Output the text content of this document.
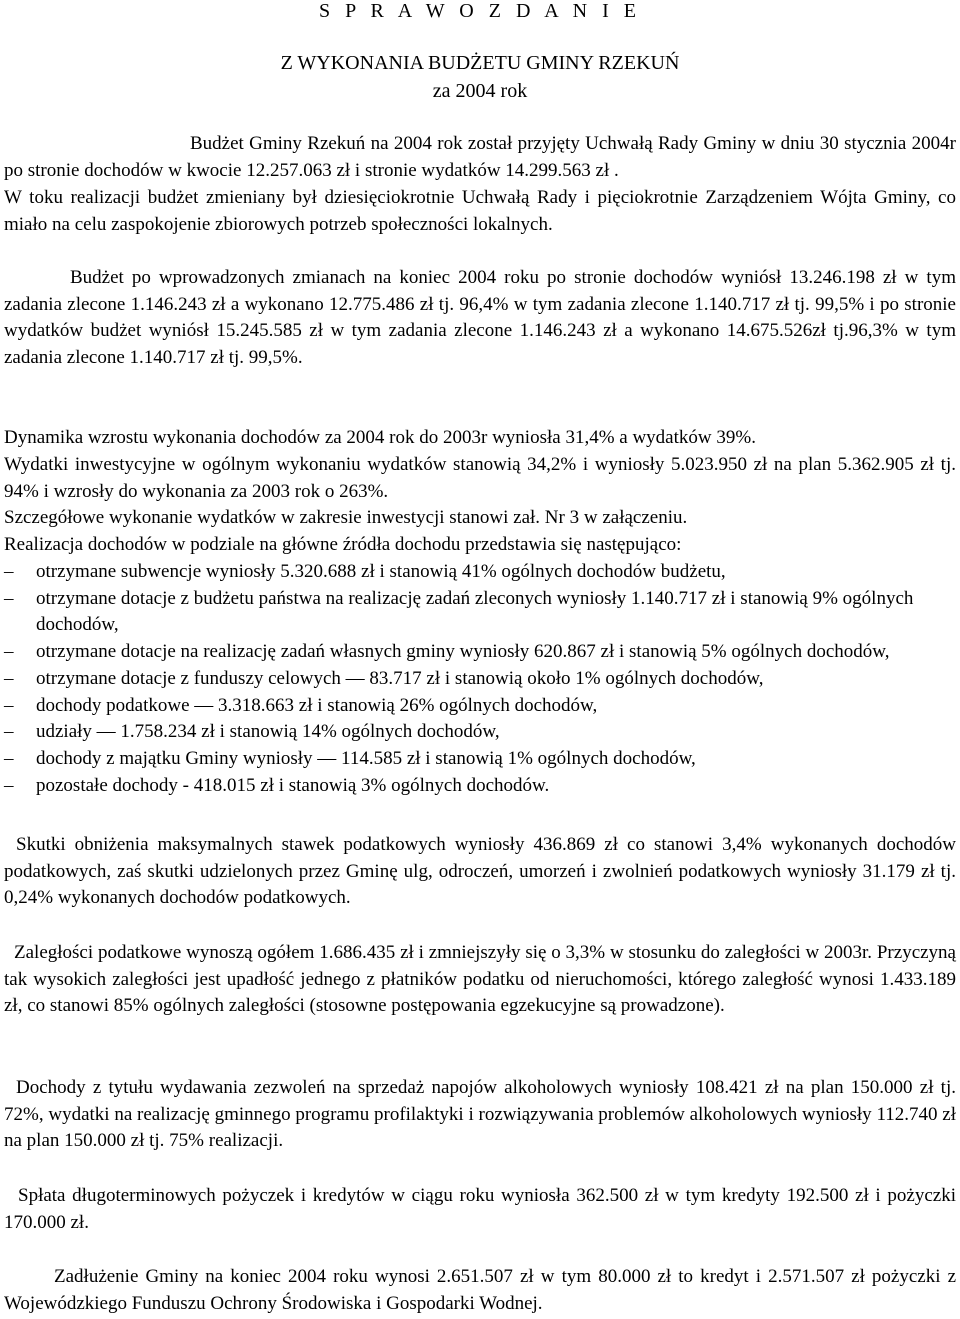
S P R A W O Z D A N I E

Z WYKONANIA BUDŻETU GMINY RZEKUŃ

za 2004 rok

Budżet Gminy Rzekuń na 2004 rok został przyjęty Uchwałą Rady Gminy w dniu 30 stycznia 2004r po stronie dochodów w kwocie 12.257.063 zł i stronie wydatków 14.299.563 zł .

W toku realizacji budżet zmieniany był dziesięciokrotnie Uchwałą Rady i pięciokrotnie Zarządzeniem Wójta Gminy, co miało na celu zaspokojenie zbiorowych potrzeb społeczności lokalnych.

Budżet po wprowadzonych zmianach na koniec 2004 roku po stronie dochodów wyniósł 13.246.198 zł w tym zadania zlecone 1.146.243 zł a wykonano 12.775.486 zł tj. 96,4% w tym zadania zlecone 1.140.717 zł tj. 99,5% i po stronie wydatków budżet wyniósł 15.245.585 zł w tym zadania zlecone 1.146.243 zł a wykonano 14.675.526zł tj.96,3% w tym zadania zlecone 1.140.717 zł tj. 99,5%.

Dynamika wzrostu wykonania dochodów za 2004 rok do 2003r wyniosła 31,4% a wydatków 39%.

Wydatki inwestycyjne w ogólnym wykonaniu wydatków stanowią 34,2% i wyniosły 5.023.950 zł na plan 5.362.905 zł tj. 94% i wzrosły do wykonania za 2003 rok o 263%.

Szczegółowe wykonanie wydatków w zakresie inwestycji stanowi zał. Nr 3 w załączeniu.

Realizacja dochodów w podziale na główne źródła dochodu przedstawia się następująco:

–	otrzymane subwencje wyniosły 5.320.688 zł i stanowią 41% ogólnych dochodów budżetu,
–	otrzymane dotacje z budżetu państwa na realizację zadań zleconych wyniosły 1.140.717 zł i stanowią 9% ogólnych dochodów,
–	otrzymane dotacje na realizację zadań własnych gminy wyniosły 620.867 zł i stanowią 5% ogólnych dochodów,
–	otrzymane dotacje z funduszy celowych — 83.717 zł i stanowią około 1% ogólnych dochodów,
–	dochody podatkowe — 3.318.663 zł i stanowią 26% ogólnych dochodów,
–	udziały — 1.758.234 zł i stanowią 14% ogólnych dochodów,
–	dochody z majątku Gminy wyniosły — 114.585 zł i stanowią 1% ogólnych dochodów,
–	pozostałe dochody - 418.015 zł i stanowią 3% ogólnych dochodów.

Skutki obniżenia maksymalnych stawek podatkowych wyniosły 436.869 zł co stanowi 3,4% wykonanych dochodów podatkowych, zaś skutki udzielonych przez Gminę ulg, odroczeń, umorzeń i zwolnień podatkowych wyniosły 31.179 zł tj. 0,24% wykonanych dochodów podatkowych.

Zaległości podatkowe wynoszą ogółem 1.686.435 zł i zmniejszyły się o 3,3% w stosunku do zaległości w 2003r. Przyczyną tak wysokich zaległości jest upadłość jednego z płatników podatku od nieruchomości, którego zaległość wynosi 1.433.189 zł, co stanowi 85% ogólnych zaległości (stosowne postępowania egzekucyjne są prowadzone).

Dochody z tytułu wydawania zezwoleń na sprzedaż napojów alkoholowych wyniosły 108.421 zł na plan 150.000 zł tj. 72%, wydatki na realizację gminnego programu profilaktyki i rozwiązywania problemów alkoholowych wyniosły 112.740 zł na plan 150.000 zł tj. 75% realizacji.

Spłata długoterminowych pożyczek i kredytów w ciągu roku wyniosła 362.500 zł w tym kredyty 192.500 zł i pożyczki 170.000 zł.

Zadłużenie Gminy na koniec 2004 roku wynosi 2.651.507 zł w tym 80.000 zł to kredyt i 2.571.507 zł pożyczki z Wojewódzkiego Funduszu Ochrony Środowiska i Gospodarki Wodnej.
